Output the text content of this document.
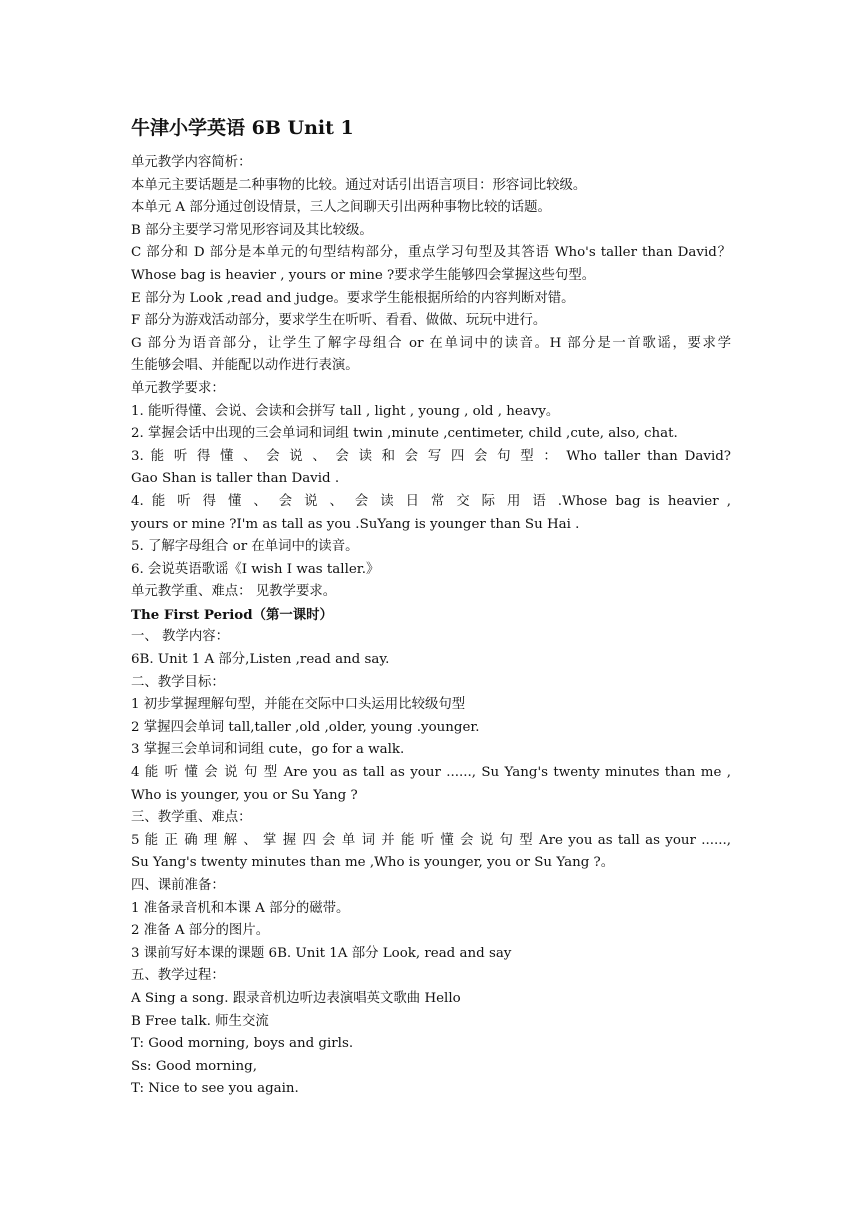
牛津小学英语 6B Unit 1

单元教学内容简析：

本单元主要话题是二种事物的比较。通过对话引出语言项目：形容词比较级。

本单元 A 部分通过创设情景，三人之间聊天引出两种事物比较的话题。

B 部分主要学习常见形容词及其比较级。

C 部分和 D 部分是本单元的句型结构部分，重点学习句型及其答语 Who's taller than David？

Whose bag is heavier , yours or mine ?要求学生能够四会掌握这些句型。

E 部分为 Look ,read and judge。要求学生能根据所给的内容判断对错。

F 部分为游戏活动部分，要求学生在听听、看看、做做、玩玩中进行。

G 部分为语音部分，让学生了解字母组合 or 在单词中的读音。H 部分是一首歌谣，要求学

生能够会唱、并能配以动作进行表演。

单元教学要求：

1. 能听得懂、会说、会读和会拼写 tall , light , young , old , heavy。

2. 掌握会话中出现的三会单词和词组 twin ,minute ,centimeter, child ,cute, also, chat.

3. 能 听 得 懂 、 会 说 、 会 读 和 会 写 四 会 句 型 ： Who taller than David?

Gao Shan is taller than David .

4. 能 听 得 懂 、 会 说 、 会 读 日 常 交 际 用 语 .Whose bag is heavier ,

yours or mine ?I'm as tall as you .SuYang is younger than Su Hai .

5. 了解字母组合 or 在单词中的读音。

6. 会说英语歌谣《I wish I was taller.》

单元教学重、难点： 见教学要求。

The First Period（第一课时）

一、 教学内容：

6B. Unit 1 A 部分,Listen ,read and say.

二、教学目标：

1 初步掌握理解句型，并能在交际中口头运用比较级句型

2 掌握四会单词 tall,taller ,old ,older, young .younger.

3 掌握三会单词和词组 cute，go for a walk.

4 能 听 懂 会 说 句 型 Are you as tall as your ......, Su Yang's twenty minutes than me ,

Who is younger, you or Su Yang ?

三、教学重、难点：

5 能 正 确 理 解 、 掌 握 四 会 单 词 并 能 听 懂 会 说 句 型 Are you as tall as your ......,

Su Yang's twenty minutes than me ,Who is younger, you or Su Yang ?。

四、课前准备：

1 准备录音机和本课 A 部分的磁带。

2 准备 A 部分的图片。

3 课前写好本课的课题 6B. Unit 1A 部分 Look, read and say

五、教学过程：

A Sing a song. 跟录音机边听边表演唱英文歌曲 Hello

B Free talk. 师生交流

T: Good morning, boys and girls.

Ss: Good morning,

T: Nice to see you again.
